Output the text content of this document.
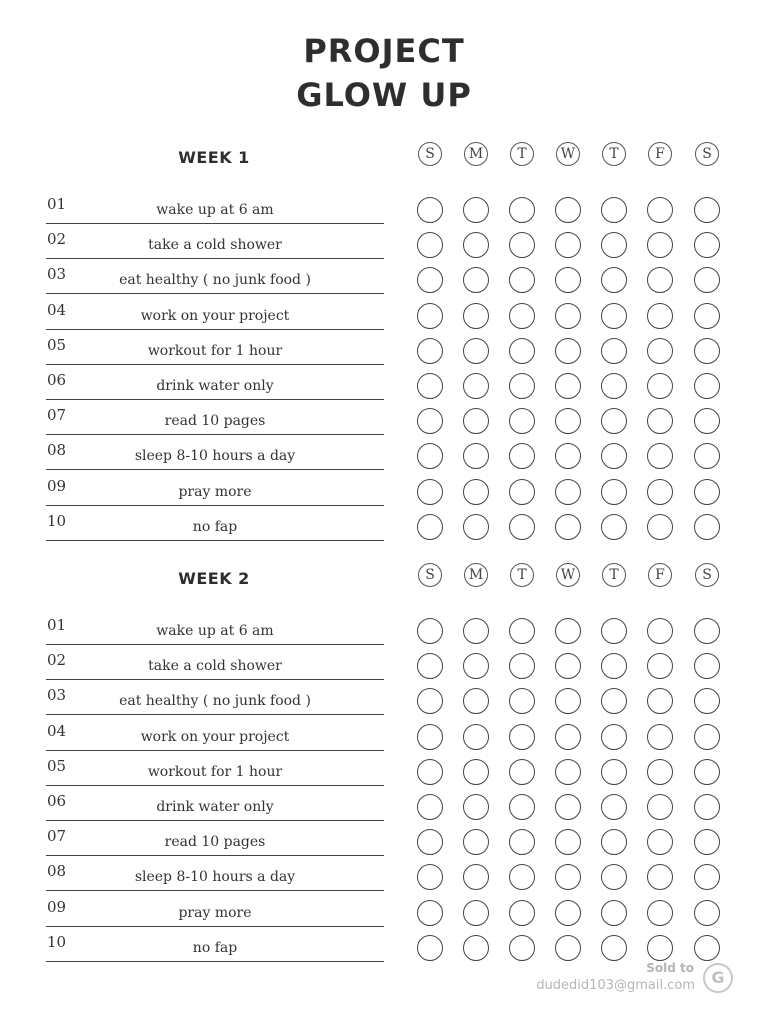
PROJECT
GLOW UP
WEEK 1	S	M	T	W	T	F	S
01	wake up at 6 am
02	take a cold shower
03	eat healthy ( no junk food )
04	work on your project
05	workout for 1 hour
06	drink water only
07	read 10 pages
08	sleep 8-10 hours a day
09	pray more
10	no fap
WEEK 2	S	M	T	W	T	F	S
01	wake up at 6 am
02	take a cold shower
03	eat healthy ( no junk food )
04	work on your project
05	workout for 1 hour
06	drink water only
07	read 10 pages
08	sleep 8-10 hours a day
09	pray more
10	no fap
Sold to
dudedid103@gmail.com	G
